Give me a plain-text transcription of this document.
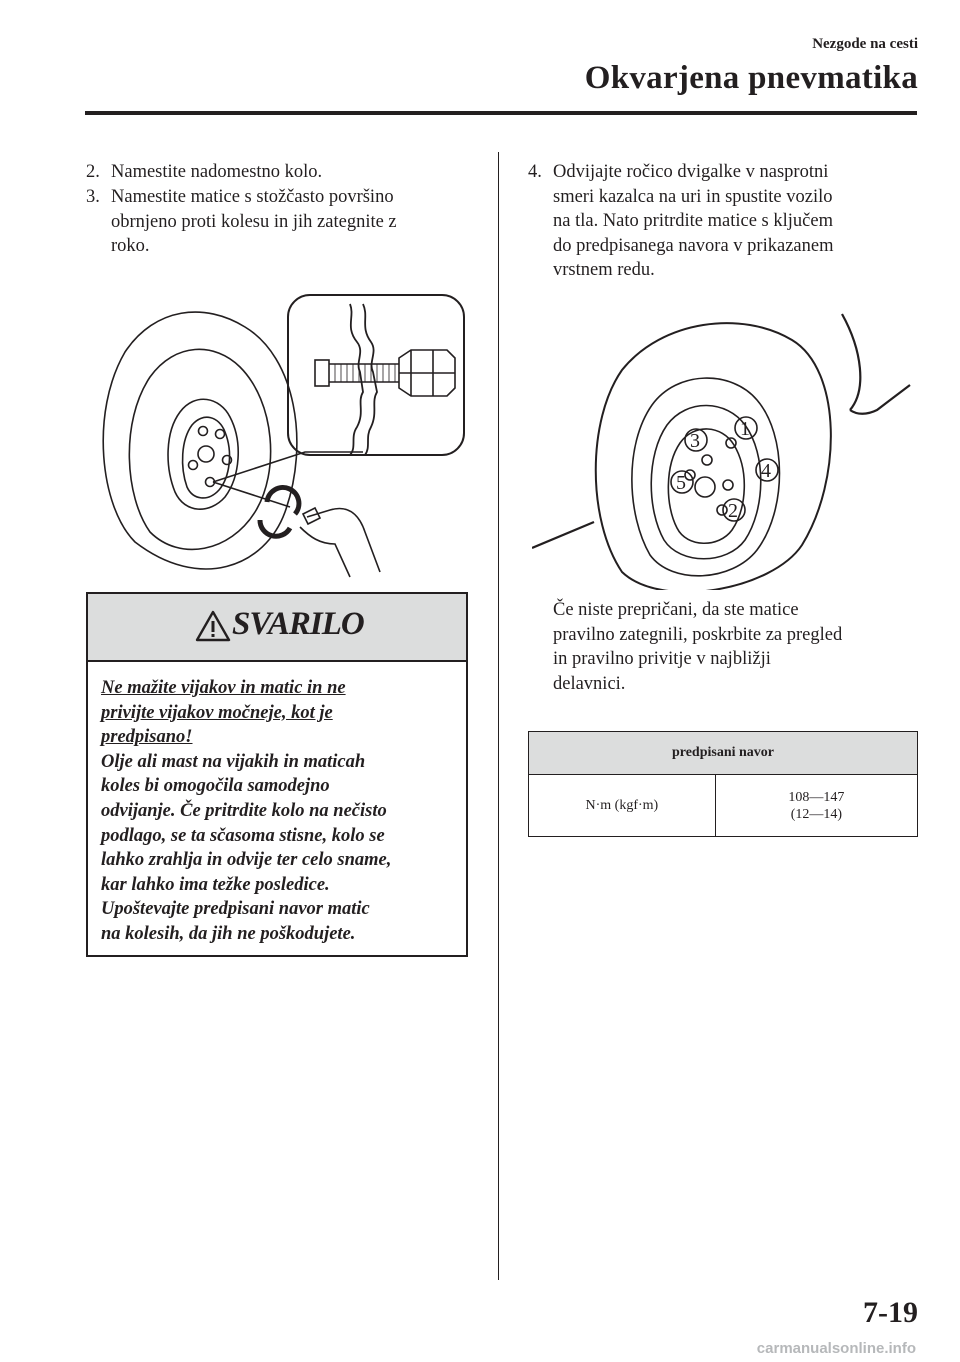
Nezgode na cesti
Okvarjena pnevmatika
2. Namestite nadomestno kolo.
3. Namestite matice s stožčasto površino
obrnjeno proti kolesu in jih zategnite z
roko.
SVARILO
Ne mažite vijakov in matic in ne
privijte vijakov močneje, kot je
predpisano!
Olje ali mast na vijakih in maticah
koles bi omogočila samodejno
odvijanje. Če pritrdite kolo na nečisto
podlago, se ta sčasoma stisne, kolo se
lahko zrahlja in odvije ter celo sname,
kar lahko ima težke posledice.
Upoštevajte predpisani navor matic
na kolesih, da jih ne poškodujete.
4. Odvijajte ročico dvigalke v nasprotni
smeri kazalca na uri in spustite vozilo
na tla. Nato pritrdite matice s ključem
do predpisanega navora v prikazanem
vrstnem redu.
1
2
3
4
5
Če niste prepričani, da ste matice
pravilno zategnili, poskrbite za pregled
in pravilno privitje v najbližji
delavnici.
predpisani navor
N·m (kgf·m)	108—147
(12—14)
7-19
carmanualsonline.info
